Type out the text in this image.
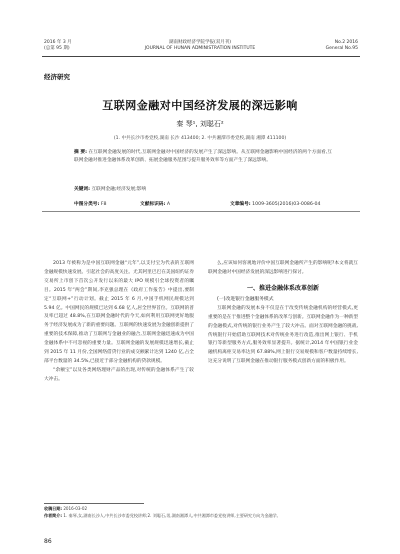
2016 年 3 月
(总第 95 期)
湖南财政经济学院学报(双月刊)
JOURNAL OF HUNAN ADMINISTRATION INSTITUTE
No.2 2016
General No.95
经济研究
互联网金融对中国经济发展的深远影响
秦 琴¹, 刘聪石²
(1. 中共长沙市委党校,湖南 长沙 413400; 2. 中共湘潭市委党校,湖南 湘潭 411100)
摘 要: 在互联网金融发展的时代,互联网金融对中国经济的发展产生了深远影响。从互联网金融影响中国经济的两个方面看,互联网金融对推进金融体系改革创新、拓展金融服务范围与提升服务效率等方面产生了深远影响。
关键词: 互联网金融;经济发展;影响
中图分类号: F8	文献标识码: A	文章编号: 1009-3605(2016)03-0086-04

2013 年被称为是中国互联网金融“元年”,以支付宝为代表的互联网金融规模快速发展。引起社会的高度关注。尤其阿里巴巴在美国纽约证券交易所上市创下首次公开发行以来的最大 IPO 规模引全球投资者的瞩目。2015 年“两会”期间,李克强总理在《政府工作报告》中提出,要制定“互联网+”行动计划。截止 2015 年 6 月,中国手机网民规模达到 5.94 亿。中国网民的规模已达到 6.68 亿人,居全世界首位。互联网的普及率已超过 48.8%,在互联网金融时代的今天,如何利用互联网更好地服务于经济发展成为了新的重要问题。互联网的快速发展为金融创新提供了重要的技术保障,推动了互联网与金融业的融合,互联网金融迅速成为中国金融体系中不可忽视的重要力量。互联网金融的发展规模迅速增长,截止到 2015 年 11 月份,全国网络借贷行业的成交额累计达到 1240 亿,占全部平台数量的 34.5%,已接近于部分金融机构的贷款规模。

“余额宝”以及各类网络理财产品的出现,对传统的金融体系产生了较大冲击。

么,应该如何客观地评价中国互联网金融所产生的影响呢?本文将就互联网金融对中国经济发展的深远影响进行探讨。

一、推进金融体系改革创新
(一)改进银行金融服务模式

互联网金融的发展本身不仅是在于改变传统金融机构的经营模式,更重要的是在于推进整个金融体系的改革与创新。互联网金融作为一种新型的金融模式,对传统的银行业务产生了较大冲击。面对互联网金融的挑战,传统银行开始借助互联网技术对传统业务进行改造,推出网上银行、手机银行等新型服务方式,服务效率显著提升。据统计,2014 年中国银行业金融机构离柜交易率达到 67.88%,网上银行交易规模和客户数量持续增长,这充分说明了互联网金融在推动银行服务模式创新方面的积极作用。

收稿日期: 2016-03-02
作者简介: 1. 秦琴,女,湖南长沙人,中共长沙市委党校讲师;2. 刘聪石,男,湖南湘潭人,中共湘潭市委党校讲师,主要研究方向为金融学。
86
